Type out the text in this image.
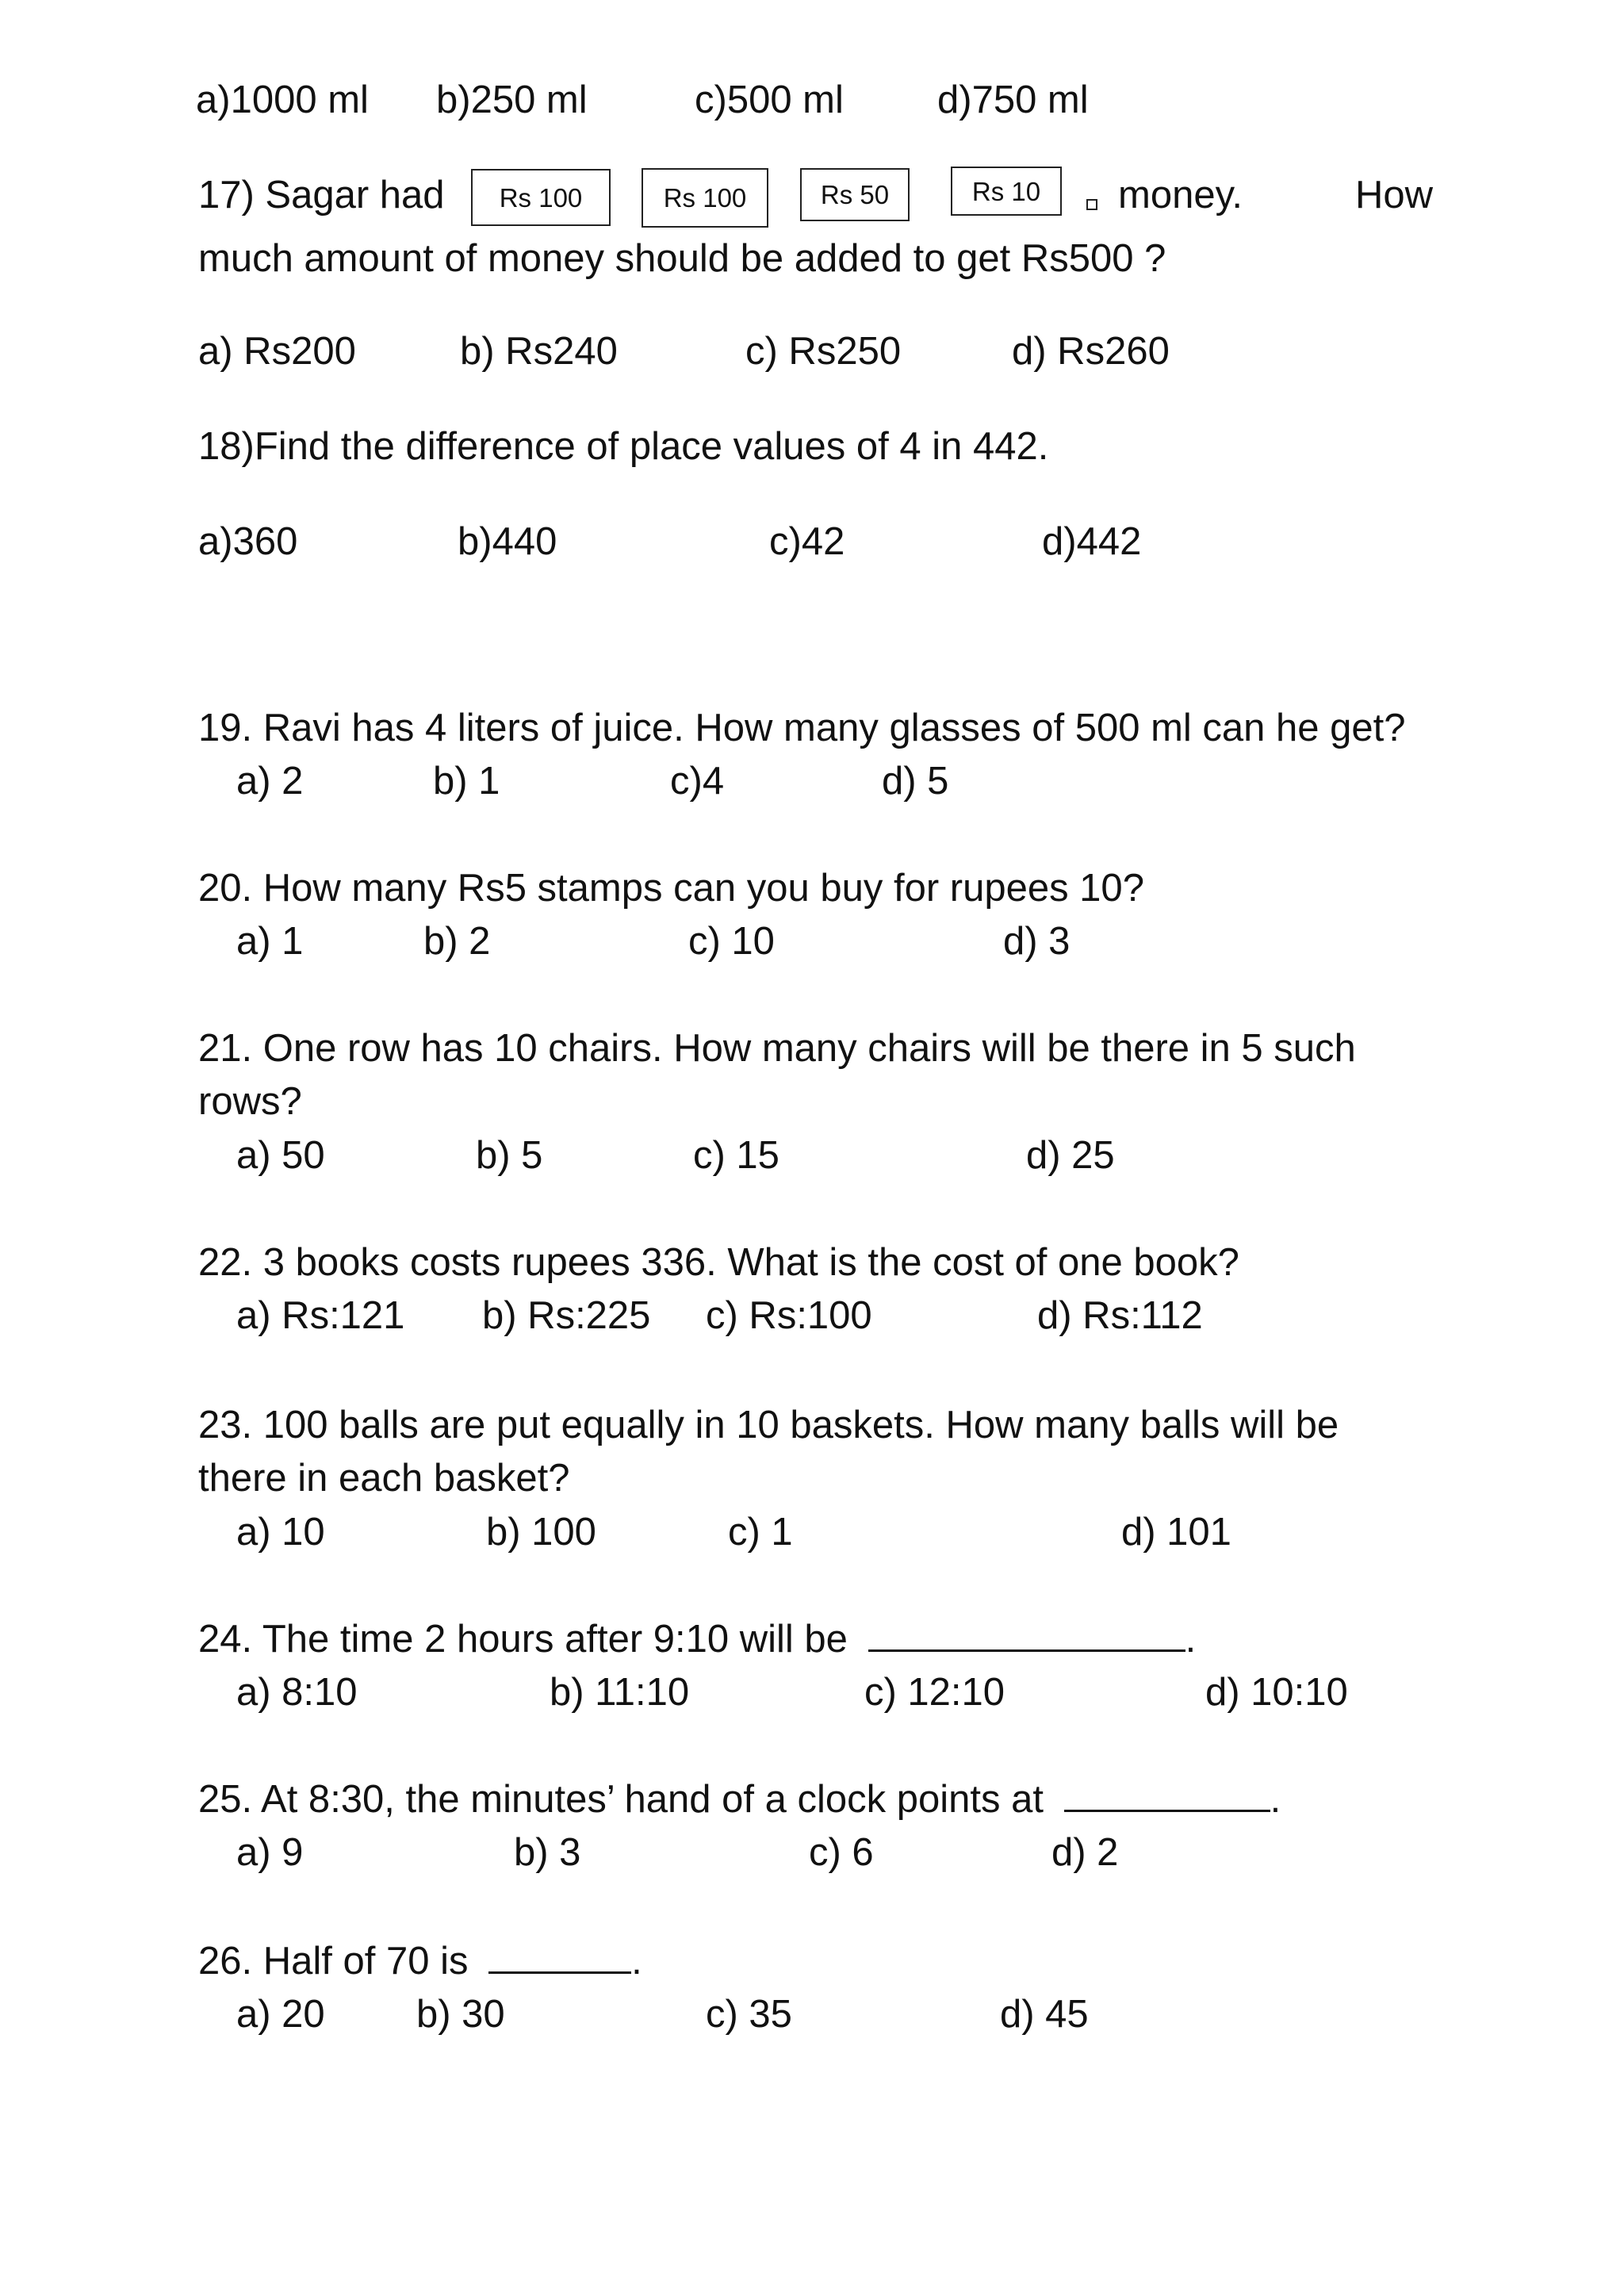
a)1000 ml b)250 ml	c)500 ml d)750 ml
17) Sagar had	Rs 100	Rs 100	Rs 50	Rs 10	money.	How
much amount of money should be added to get Rs500 ?
a) Rs200	b) Rs240	c) Rs250	d) Rs260
18)Find the difference of place values of 4 in 442.
a)360	b)440	c)42	d)442
19. Ravi has 4 liters of juice. How many glasses of 500 ml can he get?
a) 2	b) 1	c)4	d) 5
20. How many Rs5 stamps can you buy for rupees 10?
a) 1	b) 2	c) 10	d) 3
21. One row has 10 chairs. How many chairs will be there in 5 such
rows?
a) 50	b) 5	c) 15	d) 25
22. 3 books costs rupees 336. What is the cost of one book?
a) Rs:121 b) Rs:225 c) Rs:100	d) Rs:112
23. 100 balls are put equally in 10 baskets. How many balls will be
there in each basket?
a) 10	b) 100	c) 1	d) 101
24. The time 2 hours after 9:10 will be	.
a) 8:10	b) 11:10	c) 12:10	d) 10:10
25. At 8:30, the minutes’ hand of a clock points at	.
a) 9	b) 3	c) 6	d) 2
26. Half of 70 is	.
a) 20 b) 30	c) 35	d) 45
